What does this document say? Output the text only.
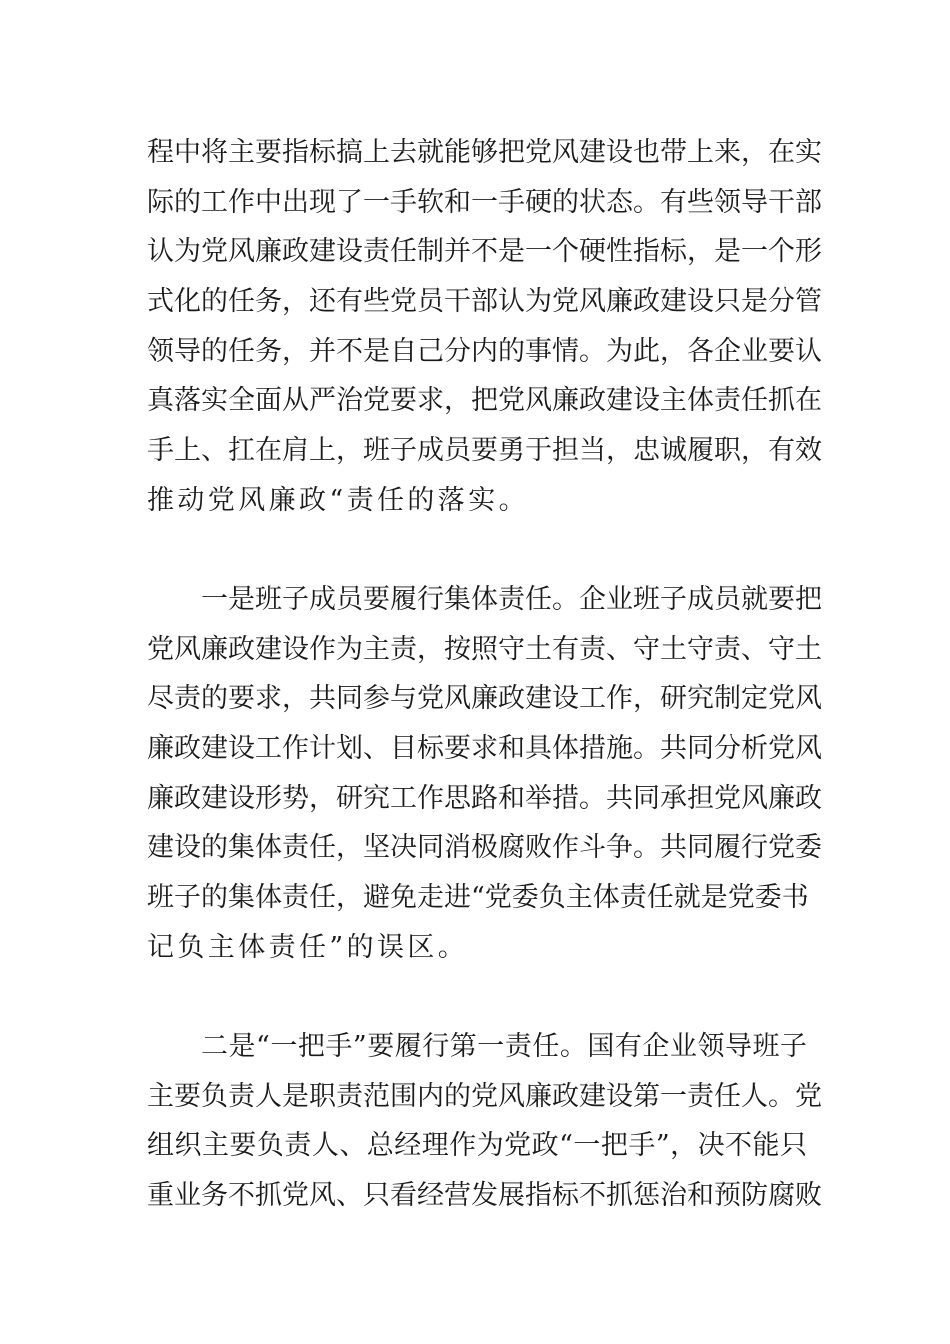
程中将主要指标搞上去就能够把党风建设也带上来，在实
际的工作中出现了一手软和一手硬的状态。有些领导干部
认为党风廉政建设责任制并不是一个硬性指标，是一个形
式化的任务，还有些党员干部认为党风廉政建设只是分管
领导的任务，并不是自己分内的事情。为此，各企业要认
真落实全面从严治党要求，把党风廉政建设主体责任抓在
手上、扛在肩上，班子成员要勇于担当，忠诚履职，有效
推动党风廉政“责任的落实。
一是班子成员要履行集体责任。企业班子成员就要把
党风廉政建设作为主责，按照守土有责、守土守责、守土
尽责的要求，共同参与党风廉政建设工作，研究制定党风
廉政建设工作计划、目标要求和具体措施。共同分析党风
廉政建设形势，研究工作思路和举措。共同承担党风廉政
建设的集体责任，坚决同消极腐败作斗争。共同履行党委
班子的集体责任，避免走进“党委负主体责任就是党委书
记负主体责任”的误区。
二是“一把手”要履行第一责任。国有企业领导班子
主要负责人是职责范围内的党风廉政建设第一责任人。党
组织主要负责人、总经理作为党政“一把手”，决不能只
重业务不抓党风、只看经营发展指标不抓惩治和预防腐败
